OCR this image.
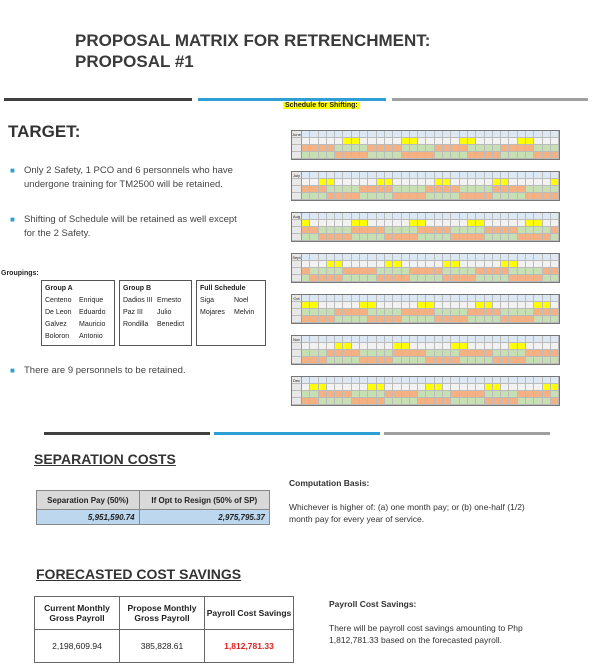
PROPOSAL MATRIX FOR RETRENCHMENT:
PROPOSAL #1
TARGET:
■ Only 2 Safety, 1 PCO and 6 personnels who have undergone training for TM2500 will be retained.
■ Shifting of Schedule will be retained as well except for the 2 Safety.
Groupings:
Group A
Centeno	Enrique
De Leon	Eduardo
Galvez	Mauricio
Boloron	Antonio
Group B
Dadios III Ernesto
Paz III	Julio
Rondilla	Benedict
Full Schedule
Siga	Noel
Mojares	Melvin
■ There are 9 personnels to be retained.
Schedule for Shifting:
June
July
Aug
Sept
Oct
Nov
Dec
SEPARATION COSTS
Separation Pay (50%)	If Opt to Resign (50% of SP)
5,951,590.74	2,975,795.37
Computation Basis:
Whichever is higher of: (a) one month pay; or (b) one-half (1/2) month pay for every year of service.
FORECASTED COST SAVINGS
Current Monthly Gross Payroll	Propose Monthly Gross Payroll	Payroll Cost Savings
2,198,609.94	385,828.61	1,812,781.33
Payroll Cost Savings:
There will be payroll cost savings amounting to Php 1,812,781.33 based on the forecasted payroll.
